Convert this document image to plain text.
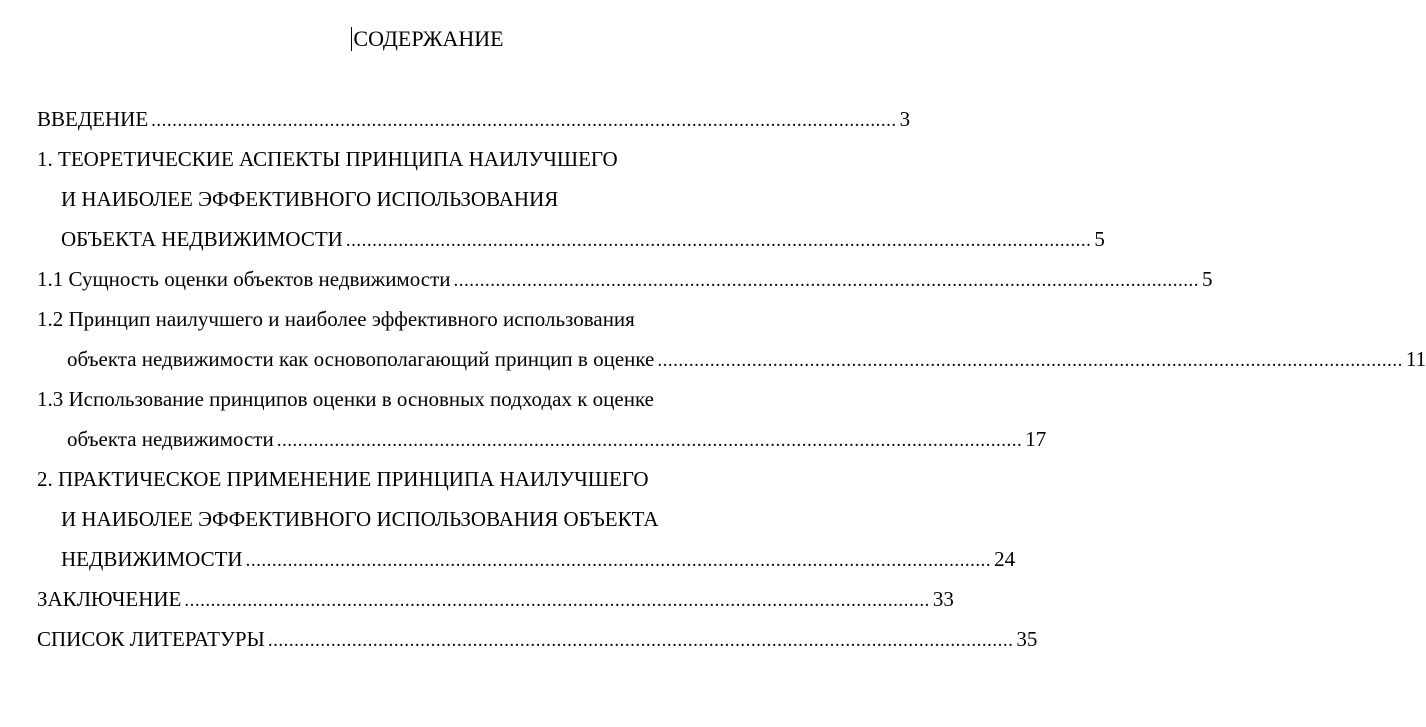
СОДЕРЖАНИЕ
ВВЕДЕНИЕ .............................................................................................................................................. 3
1. ТЕОРЕТИЧЕСКИЕ АСПЕКТЫ ПРИНЦИПА НАИЛУЧШЕГО
И НАИБОЛЕЕ ЭФФЕКТИВНОГО ИСПОЛЬЗОВАНИЯ
ОБЪЕКТА НЕДВИЖИМОСТИ .............................................................................................................................................. 5
1.1 Сущность оценки объектов недвижимости .............................................................................................................................................. 5
1.2 Принцип наилучшего и наиболее эффективного использования
объекта недвижимости как основополагающий принцип в оценке .............................................................................................................................................. 11
1.3 Использование принципов оценки в основных подходах к оценке
объекта недвижимости .............................................................................................................................................. 17
2. ПРАКТИЧЕСКОЕ ПРИМЕНЕНИЕ ПРИНЦИПА НАИЛУЧШЕГО
И НАИБОЛЕЕ ЭФФЕКТИВНОГО ИСПОЛЬЗОВАНИЯ ОБЪЕКТА
НЕДВИЖИМОСТИ .............................................................................................................................................. 24
ЗАКЛЮЧЕНИЕ .............................................................................................................................................. 33
СПИСОК ЛИТЕРАТУРЫ .............................................................................................................................................. 35
